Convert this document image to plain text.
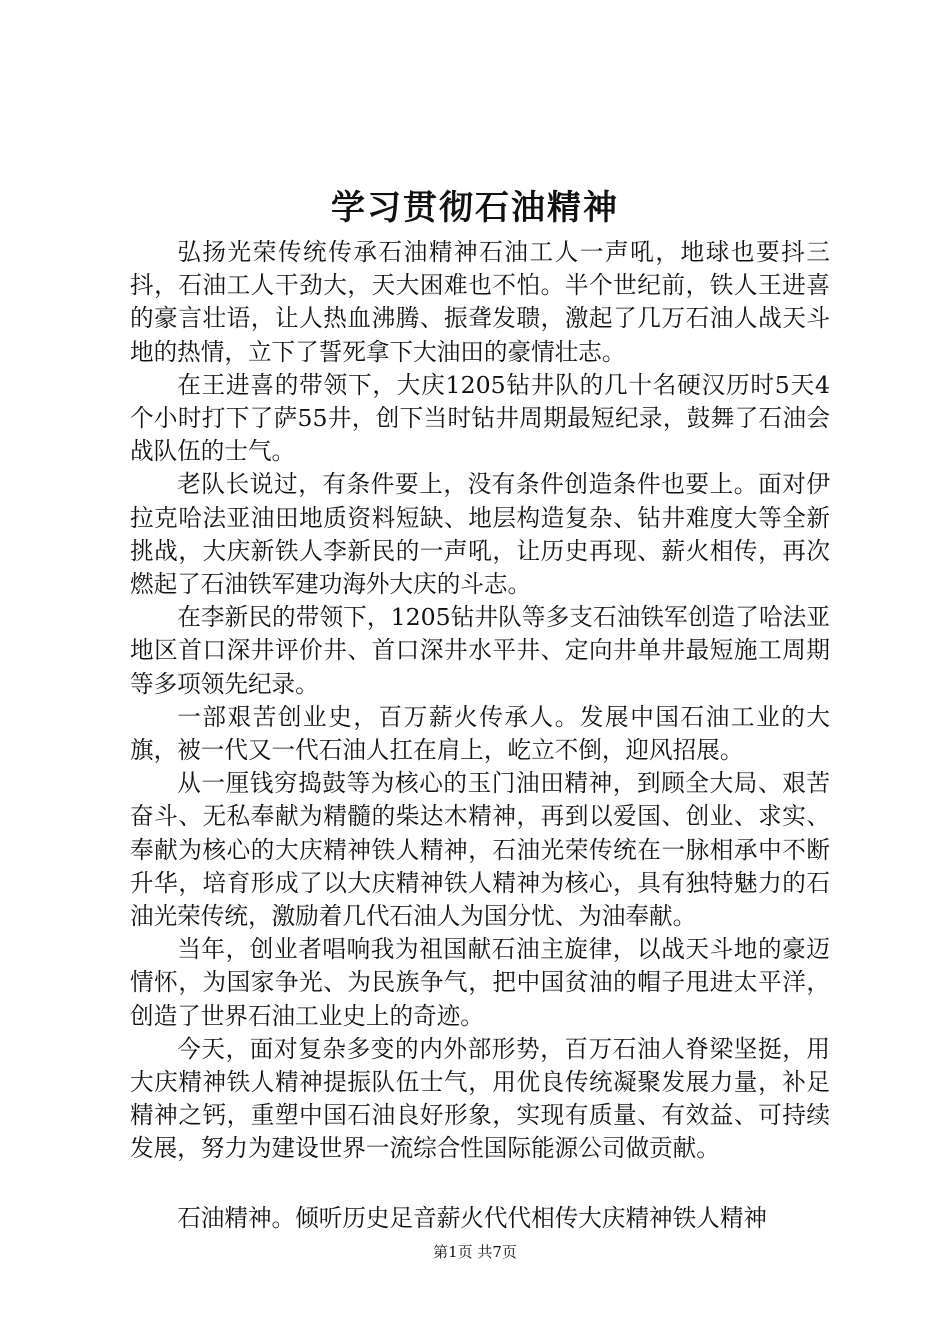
学习贯彻石油精神

弘扬光荣传统传承石油精神石油工人一声吼，地球也要抖三抖，石油工人干劲大，天大困难也不怕。半个世纪前，铁人王进喜的豪言壮语，让人热血沸腾、振聋发聩，激起了几万石油人战天斗地的热情，立下了誓死拿下大油田的豪情壮志。

在王进喜的带领下，大庆1205钻井队的几十名硬汉历时5天4个小时打下了萨55井，创下当时钻井周期最短纪录，鼓舞了石油会战队伍的士气。

老队长说过，有条件要上，没有条件创造条件也要上。面对伊拉克哈法亚油田地质资料短缺、地层构造复杂、钻井难度大等全新挑战，大庆新铁人李新民的一声吼，让历史再现、薪火相传，再次燃起了石油铁军建功海外大庆的斗志。

在李新民的带领下，1205钻井队等多支石油铁军创造了哈法亚地区首口深井评价井、首口深井水平井、定向井单井最短施工周期等多项领先纪录。

一部艰苦创业史，百万薪火传承人。发展中国石油工业的大旗，被一代又一代石油人扛在肩上，屹立不倒，迎风招展。

从一厘钱穷捣鼓等为核心的玉门油田精神，到顾全大局、艰苦奋斗、无私奉献为精髓的柴达木精神，再到以爱国、创业、求实、奉献为核心的大庆精神铁人精神，石油光荣传统在一脉相承中不断升华，培育形成了以大庆精神铁人精神为核心，具有独特魅力的石油光荣传统，激励着几代石油人为国分忧、为油奉献。

当年，创业者唱响我为祖国献石油主旋律，以战天斗地的豪迈情怀，为国家争光、为民族争气，把中国贫油的帽子甩进太平洋，创造了世界石油工业史上的奇迹。

今天，面对复杂多变的内外部形势，百万石油人脊梁坚挺，用大庆精神铁人精神提振队伍士气，用优良传统凝聚发展力量，补足精神之钙，重塑中国石油良好形象，实现有质量、有效益、可持续发展，努力为建设世界一流综合性国际能源公司做贡献。

石油精神。倾听历史足音薪火代代相传大庆精神铁人精神

第1页 共7页
